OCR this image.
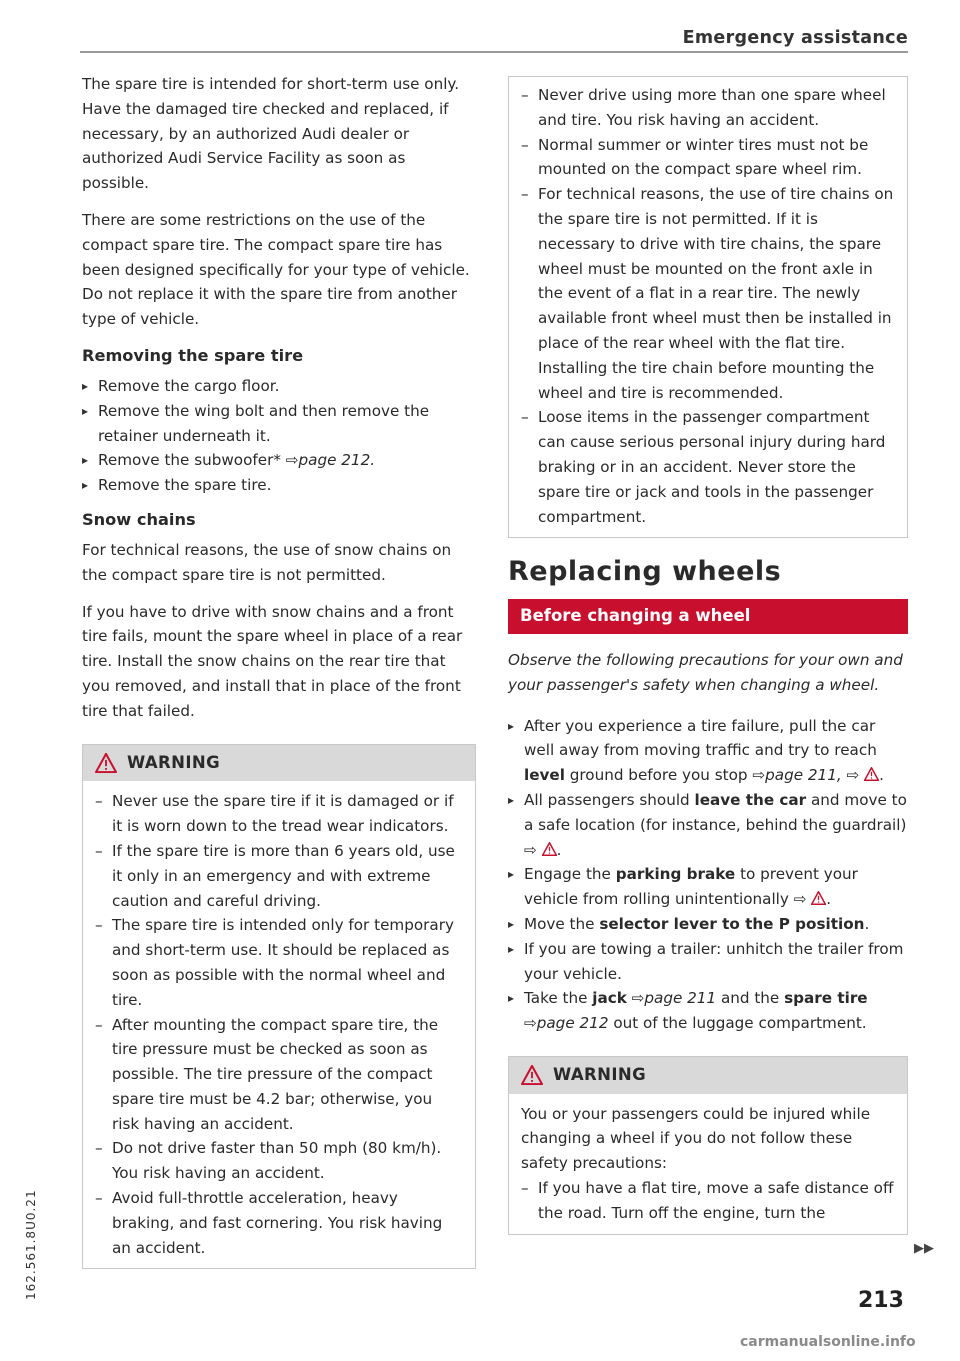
Emergency assistance

The spare tire is intended for short-term use only. Have the damaged tire checked and replaced, if necessary, by an authorized Audi dealer or authorized Audi Service Facility as soon as possible.

There are some restrictions on the use of the compact spare tire. The compact spare tire has been designed specifically for your type of vehicle. Do not replace it with the spare tire from another type of vehicle.

Removing the spare tire
▸ Remove the cargo floor.
▸ Remove the wing bolt and then remove the retainer underneath it.
▸ Remove the subwoofer* ⇨page 212.
▸ Remove the spare tire.
Snow chains

For technical reasons, the use of snow chains on the compact spare tire is not permitted.

If you have to drive with snow chains and a front tire fails, mount the spare wheel in place of a rear tire. Install the snow chains on the rear tire that you removed, and install that in place of the front tire that failed.

WARNING
– Never use the spare tire if it is damaged or if it is worn down to the tread wear indicators.
– If the spare tire is more than 6 years old, use it only in an emergency and with extreme caution and careful driving.
– The spare tire is intended only for temporary and short-term use. It should be replaced as soon as possible with the normal wheel and tire.
– After mounting the compact spare tire, the tire pressure must be checked as soon as possible. The tire pressure of the compact spare tire must be 4.2 bar; otherwise, you risk having an accident.
– Do not drive faster than 50 mph (80 km/h). You risk having an accident.
– Avoid full-throttle acceleration, heavy braking, and fast cornering. You risk having an accident.
– Never drive using more than one spare wheel and tire. You risk having an accident.
– Normal summer or winter tires must not be mounted on the compact spare wheel rim.
– For technical reasons, the use of tire chains on the spare tire is not permitted. If it is necessary to drive with tire chains, the spare wheel must be mounted on the front axle in the event of a flat in a rear tire. The newly available front wheel must then be installed in place of the rear wheel with the flat tire. Installing the tire chain before mounting the wheel and tire is recommended.
– Loose items in the passenger compartment can cause serious personal injury during hard braking or in an accident. Never store the spare tire or jack and tools in the passenger compartment.
Replacing wheels
Before changing a wheel

Observe the following precautions for your own and your passenger's safety when changing a wheel.

▸ After you experience a tire failure, pull the car well away from moving traffic and try to reach level ground before you stop ⇨page 211, ⇨ .
▸ All passengers should leave the car and move to a safe location (for instance, behind the guardrail) ⇨ .
▸ Engage the parking brake to prevent your vehicle from rolling unintentionally ⇨ .
▸ Move the selector lever to the P position.
▸ If you are towing a trailer: unhitch the trailer from your vehicle.
▸ Take the jack ⇨page 211 and the spare tire ⇨page 212 out of the luggage compartment.
WARNING

You or your passengers could be injured while changing a wheel if you do not follow these safety precautions:

– If you have a flat tire, move a safe distance off the road. Turn off the engine, turn the
▶▶
213
162.561.8U0.21
carmanualsonline.info
